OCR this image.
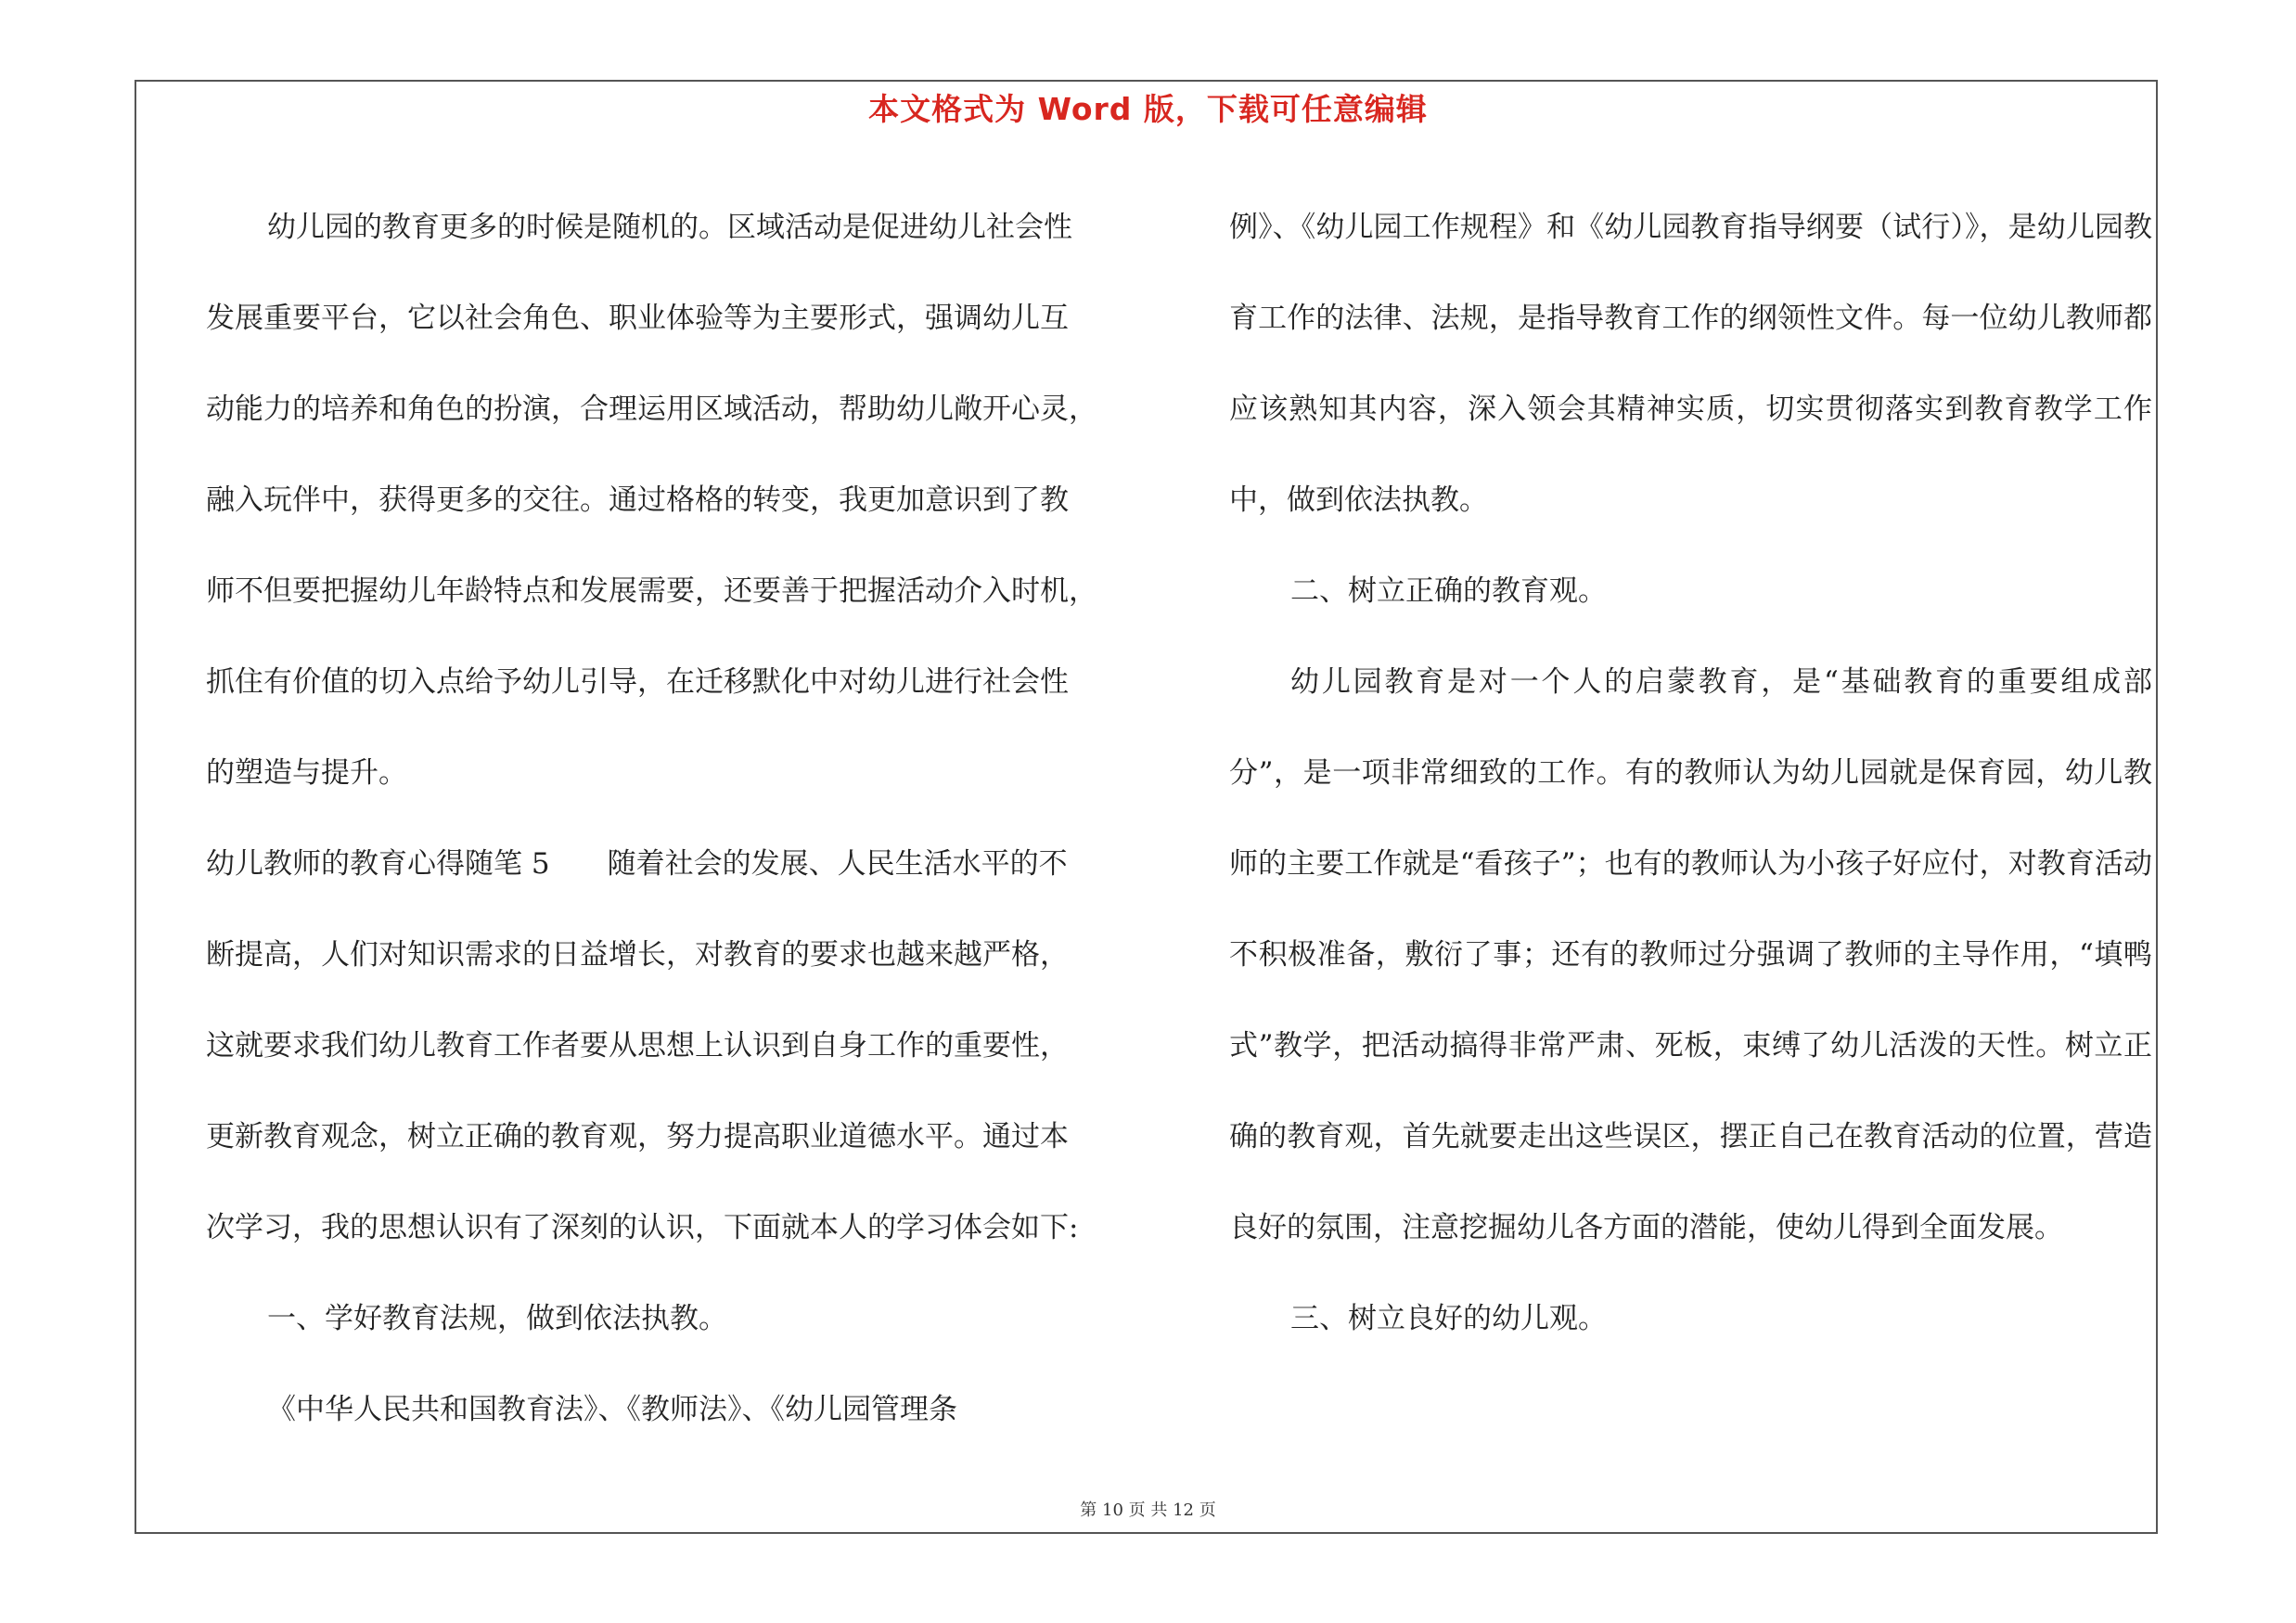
本文格式为 Word 版，下载可任意编辑
幼儿园的教育更多的时候是随机的。区域活动是促进幼儿社会性
发展重要平台，它以社会角色、职业体验等为主要形式，强调幼儿互
动能力的培养和角色的扮演，合理运用区域活动，帮助幼儿敞开心灵，
融入玩伴中，获得更多的交往。通过格格的转变，我更加意识到了教
师不但要把握幼儿年龄特点和发展需要，还要善于把握活动介入时机，
抓住有价值的切入点给予幼儿引导，在迁移默化中对幼儿进行社会性
的塑造与提升。
幼儿教师的教育心得随笔 5　　随着社会的发展、人民生活水平的不
断提高，人们对知识需求的日益增长，对教育的要求也越来越严格，
这就要求我们幼儿教育工作者要从思想上认识到自身工作的重要性，
更新教育观念，树立正确的教育观，努力提高职业道德水平。通过本
次学习，我的思想认识有了深刻的认识，下面就本人的学习体会如下:
一、学好教育法规，做到依法执教。
《中华人民共和国教育法》、《教师法》、《幼儿园管理条
例》、《幼儿园工作规程》和《幼儿园教育指导纲要（试行）》，是幼儿园教育工作的法律、法规，是指导教育工作的纲领性文件。每一位幼儿教师都应该熟知其内容，深入领会其精神实质，切实贯彻落实到教育教学工作中，做到依法执教。
二、树立正确的教育观。
幼儿园教育是对一个人的启蒙教育，是“基础教育的重要组成部分”，是一项非常细致的工作。有的教师认为幼儿园就是保育园，幼儿教师的主要工作就是“看孩子”；也有的教师认为小孩子好应付，对教育活动不积极准备，敷衍了事；还有的教师过分强调了教师的主导作用，“填鸭式”教学，把活动搞得非常严肃、死板，束缚了幼儿活泼的天性。树立正确的教育观，首先就要走出这些误区，摆正自己在教育活动的位置，营造良好的氛围，注意挖掘幼儿各方面的潜能，使幼儿得到全面发展。
三、树立良好的幼儿观。
第 10 页 共 12 页
